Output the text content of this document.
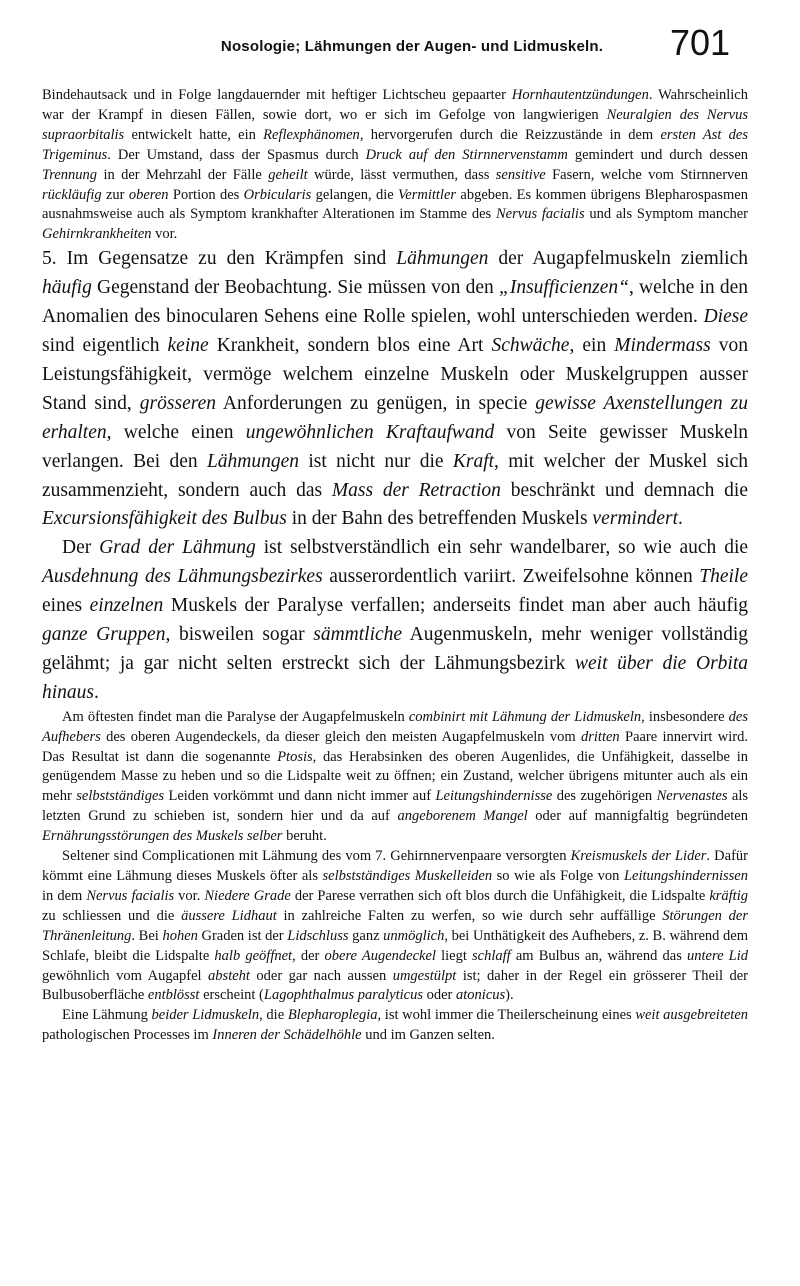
Nosologie; Lähmungen der Augen- und Lidmuskeln.	701

Bindehautsack und in Folge langdauernder mit heftiger Lichtscheu gepaarter Hornhautentzündungen. Wahrscheinlich war der Krampf in diesen Fällen, sowie dort, wo er sich im Gefolge von langwierigen Neuralgien des Nervus supraorbitalis entwickelt hatte, ein Reflexphänomen, hervorgerufen durch die Reizzustände in dem ersten Ast des Trigeminus. Der Umstand, dass der Spasmus durch Druck auf den Stirnnervenstamm gemindert und durch dessen Trennung in der Mehrzahl der Fälle geheilt würde, lässt vermuthen, dass sensitive Fasern, welche vom Stirnnerven rückläufig zur oberen Portion des Orbicularis gelangen, die Vermittler abgeben. Es kommen übrigens Blepharospasmen ausnahmsweise auch als Symptom krankhafter Alterationen im Stamme des Nervus facialis und als Symptom mancher Gehirnkrankheiten vor.

5. Im Gegensatze zu den Krämpfen sind Lähmungen der Augapfelmuskeln ziemlich häufig Gegenstand der Beobachtung. Sie müssen von den „Insufficienzen“, welche in den Anomalien des binocularen Sehens eine Rolle spielen, wohl unterschieden werden. Diese sind eigentlich keine Krankheit, sondern blos eine Art Schwäche, ein Mindermass von Leistungsfähigkeit, vermöge welchem einzelne Muskeln oder Muskelgruppen ausser Stand sind, grösseren Anforderungen zu genügen, in specie gewisse Axenstellungen zu erhalten, welche einen ungewöhnlichen Kraftaufwand von Seite gewisser Muskeln verlangen. Bei den Lähmungen ist nicht nur die Kraft, mit welcher der Muskel sich zusammenzieht, sondern auch das Mass der Retraction beschränkt und demnach die Excursionsfähigkeit des Bulbus in der Bahn des betreffenden Muskels vermindert.

Der Grad der Lähmung ist selbstverständlich ein sehr wandelbarer, so wie auch die Ausdehnung des Lähmungsbezirkes ausserordentlich variirt. Zweifelsohne können Theile eines einzelnen Muskels der Paralyse verfallen; anderseits findet man aber auch häufig ganze Gruppen, bisweilen sogar sämmtliche Augenmuskeln, mehr weniger vollständig gelähmt; ja gar nicht selten erstreckt sich der Lähmungsbezirk weit über die Orbita hinaus.

Am öftesten findet man die Paralyse der Augapfelmuskeln combinirt mit Lähmung der Lidmuskeln, insbesondere des Aufhebers des oberen Augendeckels, da dieser gleich den meisten Augapfelmuskeln vom dritten Paare innervirt wird. Das Resultat ist dann die sogenannte Ptosis, das Herabsinken des oberen Augenlides, die Unfähigkeit, dasselbe in genügendem Masse zu heben und so die Lidspalte weit zu öffnen; ein Zustand, welcher übrigens mitunter auch als ein mehr selbstständiges Leiden vorkömmt und dann nicht immer auf Leitungshindernisse des zugehörigen Nervenastes als letzten Grund zu schieben ist, sondern hier und da auf angeborenem Mangel oder auf mannigfaltig begründeten Ernährungsstörungen des Muskels selber beruht.

Seltener sind Complicationen mit Lähmung des vom 7. Gehirnnervenpaare versorgten Kreismuskels der Lider. Dafür kömmt eine Lähmung dieses Muskels öfter als selbstständiges Muskelleiden so wie als Folge von Leitungshindernissen in dem Nervus facialis vor. Niedere Grade der Parese verrathen sich oft blos durch die Unfähigkeit, die Lidspalte kräftig zu schliessen und die äussere Lidhaut in zahlreiche Falten zu werfen, so wie durch sehr auffällige Störungen der Thränenleitung. Bei hohen Graden ist der Lidschluss ganz unmöglich, bei Unthätigkeit des Aufhebers, z. B. während dem Schlafe, bleibt die Lidspalte halb geöffnet, der obere Augendeckel liegt schlaff am Bulbus an, während das untere Lid gewöhnlich vom Augapfel absteht oder gar nach aussen umgestülpt ist; daher in der Regel ein grösserer Theil der Bulbusoberfläche entblösst erscheint (Lagophthalmus paralyticus oder atonicus).

Eine Lähmung beider Lidmuskeln, die Blepharoplegia, ist wohl immer die Theilerscheinung eines weit ausgebreiteten pathologischen Processes im Inneren der Schädelhöhle und im Ganzen selten.
